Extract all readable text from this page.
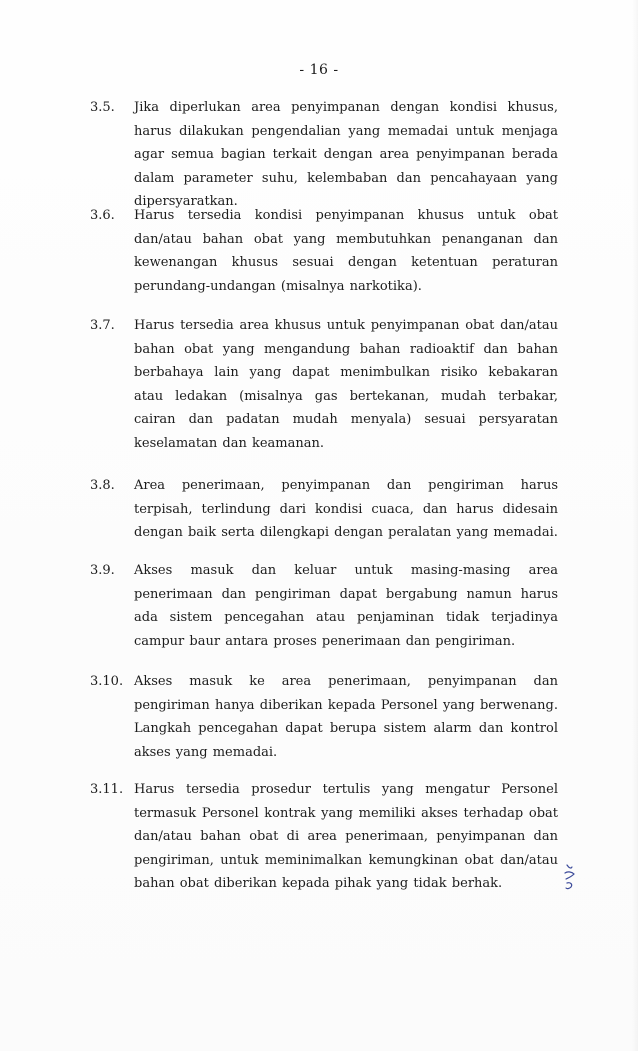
- 16 -
3.5. Jika diperlukan area penyimpanan dengan kondisi khusus, harus dilakukan pengendalian yang memadai untuk menjaga agar semua bagian terkait dengan area penyimpanan berada dalam parameter suhu, kelembaban dan pencahayaan yang dipersyaratkan.
3.6. Harus tersedia kondisi penyimpanan khusus untuk obat dan/atau bahan obat yang membutuhkan penanganan dan kewenangan khusus sesuai dengan ketentuan peraturan perundang-undangan (misalnya narkotika).
3.7. Harus tersedia area khusus untuk penyimpanan obat dan/atau bahan obat yang mengandung bahan radioaktif dan bahan berbahaya lain yang dapat menimbulkan risiko kebakaran atau ledakan (misalnya gas bertekanan, mudah terbakar, cairan dan padatan mudah menyala) sesuai persyaratan keselamatan dan keamanan.
3.8. Area penerimaan, penyimpanan dan pengiriman harus terpisah, terlindung dari kondisi cuaca, dan harus didesain dengan baik serta dilengkapi dengan peralatan yang memadai.
3.9. Akses masuk dan keluar untuk masing-masing area penerimaan dan pengiriman dapat bergabung namun harus ada sistem pencegahan atau penjaminan tidak terjadinya campur baur antara proses penerimaan dan pengiriman.
3.10. Akses masuk ke area penerimaan, penyimpanan dan pengiriman hanya diberikan kepada Personel yang berwenang. Langkah pencegahan dapat berupa sistem alarm dan kontrol akses yang memadai.
3.11. Harus tersedia prosedur tertulis yang mengatur Personel termasuk Personel kontrak yang memiliki akses terhadap obat dan/atau bahan obat di area penerimaan, penyimpanan dan pengiriman, untuk meminimalkan kemungkinan obat dan/atau bahan obat diberikan kepada pihak yang tidak berhak.
